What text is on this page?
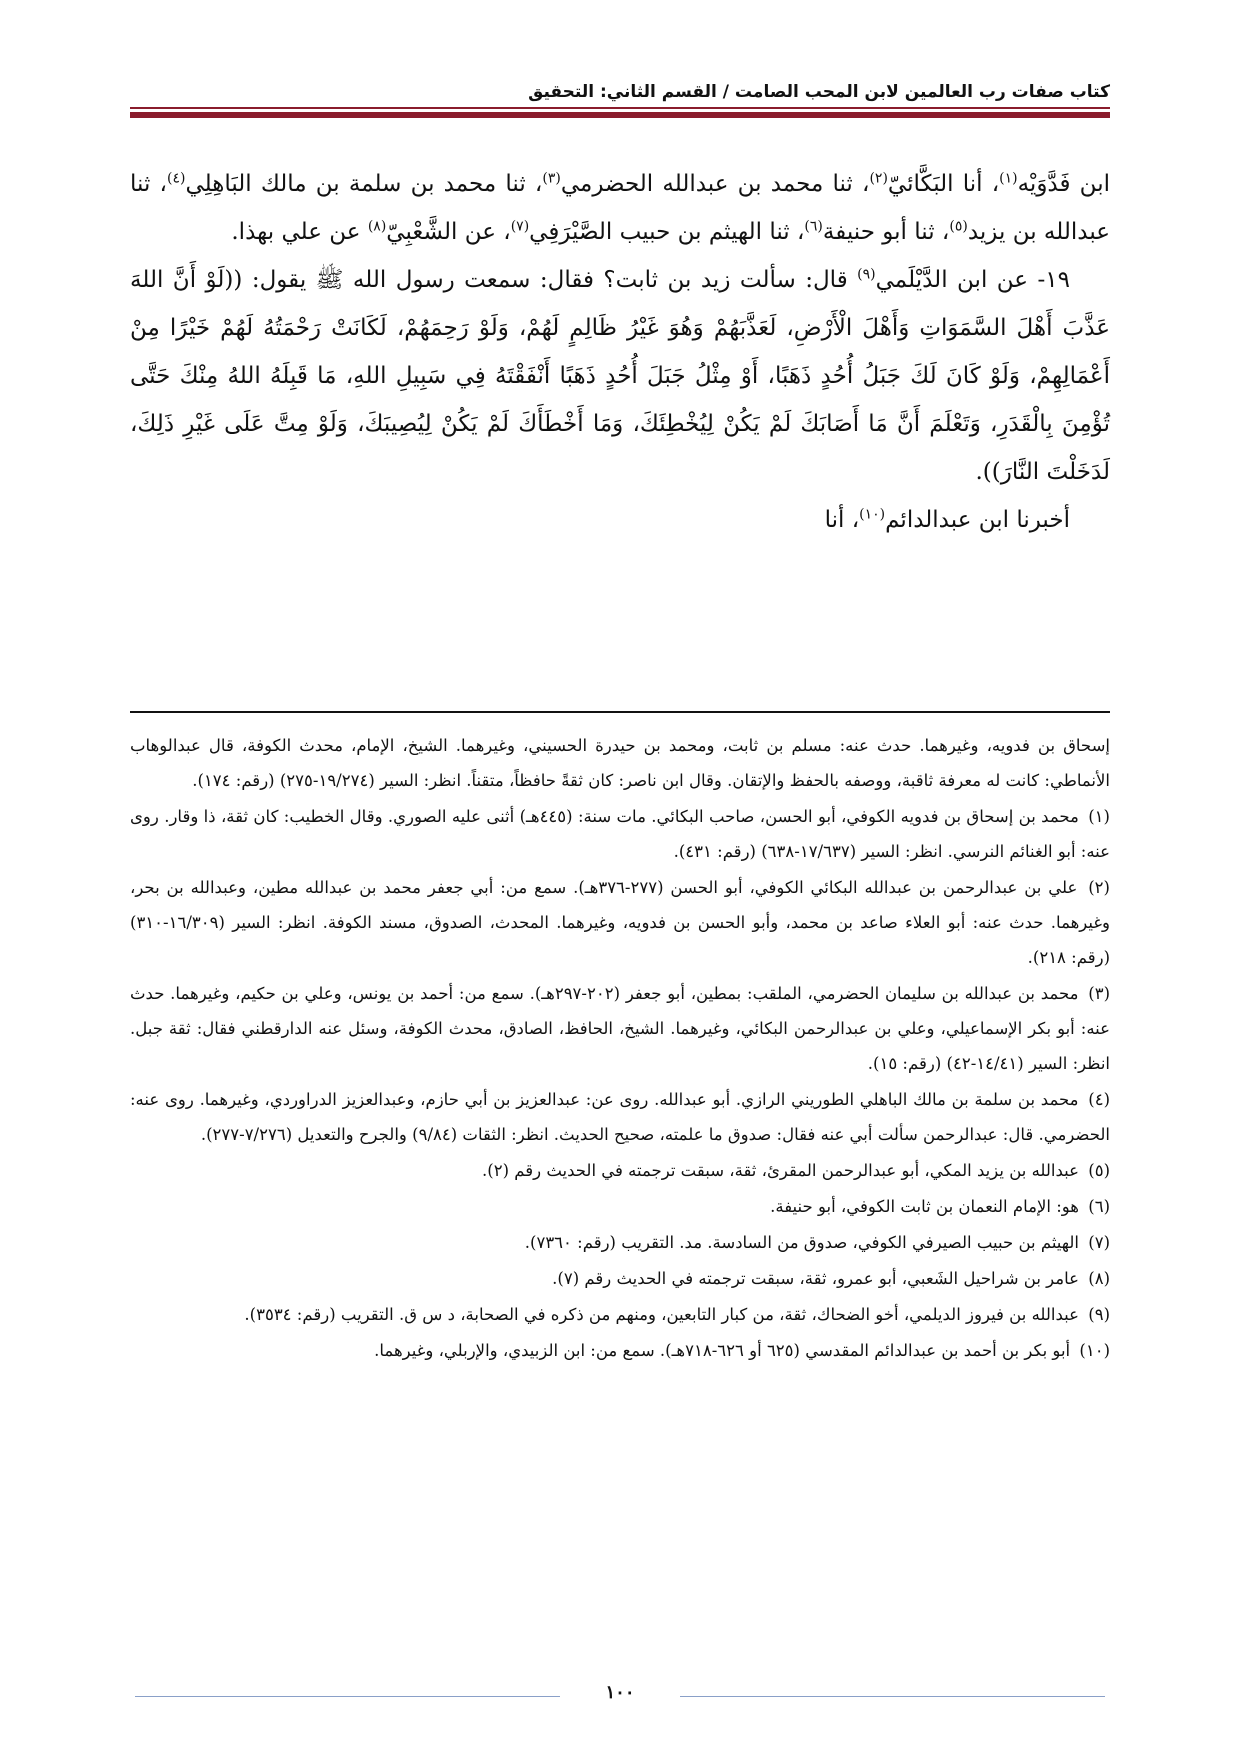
كتاب صفات رب العالمين لابن المحب الصامت / القسم الثاني: التحقيق

ابن فَدَّوَيْه$^{(١)}$، أنا البَكَّائيّ$^{(٢)}$، ثنا محمد بن عبدالله الحضرمي$^{(٣)}$، ثنا محمد بن سلمة بن مالك البَاهِلِي$^{(٤)}$، ثنا عبدالله بن يزيد$^{(٥)}$، ثنا أبو حنيفة$^{(٦)}$، ثنا الهيثم بن حبيب الصَّيْرَفِي$^{(٧)}$، عن الشَّعْبِيّ$^{(٨)}$ عن علي بهذا.

١٩- عن ابن الدَّيْلَمي$^{(٩)}$ قال: سألت زيد بن ثابت؟ فقال: سمعت رسول الله ﷺ يقول: ((لَوْ أَنَّ اللهَ عَذَّبَ أَهْلَ السَّمَوَاتِ وَأَهْلَ الْأَرْضِ، لَعَذَّبَهُمْ وَهُوَ غَيْرُ ظَالِمٍ لَهُمْ، وَلَوْ رَحِمَهُمْ، لَكَانَتْ رَحْمَتُهُ لَهُمْ خَيْرًا مِنْ أَعْمَالِهِمْ، وَلَوْ كَانَ لَكَ جَبَلُ أُحُدٍ ذَهَبًا، أَوْ مِثْلُ جَبَلَ أُحُدٍ ذَهَبًا أَنْفَقْتَهُ فِي سَبِيلِ اللهِ، مَا قَبِلَهُ اللهُ مِنْكَ حَتَّى تُؤْمِنَ بِالْقَدَرِ، وَتَعْلَمَ أَنَّ مَا أَصَابَكَ لَمْ يَكُنْ لِيُخْطِئَكَ، وَمَا أَخْطَأَكَ لَمْ يَكُنْ لِيُصِيبَكَ، وَلَوْ مِتَّ عَلَى غَيْرِ ذَلِكَ، لَدَخَلْتَ النَّارَ)).

أخبرنا ابن عبدالدائم$^{(١٠)}$، أنا

إسحاق بن فدويه، وغيرهما. حدث عنه: مسلم بن ثابت، ومحمد بن حيدرة الحسيني، وغيرهما. الشيخ، الإمام، محدث الكوفة، قال عبدالوهاب الأنماطي: كانت له معرفة ثاقبة، ووصفه بالحفظ والإتقان. وقال ابن ناصر: كان ثقةً حافظاً، متقناً. انظر: السير (١٩/٢٧٤-٢٧٥) (رقم: ١٧٤).

(١) محمد بن إسحاق بن فدويه الكوفي، أبو الحسن، صاحب البكائي. مات سنة: (٤٤٥هـ) أثنى عليه الصوري. وقال الخطيب: كان ثقة، ذا وقار. روى عنه: أبو الغنائم النرسي. انظر: السير (١٧/٦٣٧-٦٣٨) (رقم: ٤٣١).

(٢) علي بن عبدالرحمن بن عبدالله البكائي الكوفي، أبو الحسن (٢٧٧-٣٧٦هـ). سمع من: أبي جعفر محمد بن عبدالله مطين، وعبدالله بن بحر، وغيرهما. حدث عنه: أبو العلاء صاعد بن محمد، وأبو الحسن بن فدويه، وغيرهما. المحدث، الصدوق، مسند الكوفة. انظر: السير (١٦/٣٠٩-٣١٠) (رقم: ٢١٨).

(٣) محمد بن عبدالله بن سليمان الحضرمي، الملقب: بمطين، أبو جعفر (٢٠٢-٢٩٧هـ). سمع من: أحمد بن يونس، وعلي بن حكيم، وغيرهما. حدث عنه: أبو بكر الإسماعيلي، وعلي بن عبدالرحمن البكائي، وغيرهما. الشيخ، الحافظ، الصادق، محدث الكوفة، وسئل عنه الدارقطني فقال: ثقة جبل. انظر: السير (١٤/٤١-٤٢) (رقم: ١٥).

(٤) محمد بن سلمة بن مالك الباهلي الطوريني الرازي. أبو عبدالله. روى عن: عبدالعزيز بن أبي حازم، وعبدالعزيز الدراوردي، وغيرهما. روى عنه: الحضرمي. قال: عبدالرحمن سألت أبي عنه فقال: صدوق ما علمته، صحيح الحديث. انظر: الثقات (٩/٨٤) والجرح والتعديل (٧/٢٧٦-٢٧٧).

(٥) عبدالله بن يزيد المكي، أبو عبدالرحمن المقرئ، ثقة، سبقت ترجمته في الحديث رقم (٢).

(٦) هو: الإمام النعمان بن ثابت الكوفي، أبو حنيفة.

(٧) الهيثم بن حبيب الصيرفي الكوفي، صدوق من السادسة. مد. التقريب (رقم: ٧٣٦٠).

(٨) عامر بن شراحيل الشَعبي، أبو عمرو، ثقة، سبقت ترجمته في الحديث رقم (٧).

(٩) عبدالله بن فيروز الديلمي، أخو الضحاك، ثقة، من كبار التابعين، ومنهم من ذكره في الصحابة، د س ق. التقريب (رقم: ٣٥٣٤).

(١٠) أبو بكر بن أحمد بن عبدالدائم المقدسي (٦٢٥ أو ٦٢٦-٧١٨هـ). سمع من: ابن الزبيدي، والإربلي، وغيرهما.

١٠٠
